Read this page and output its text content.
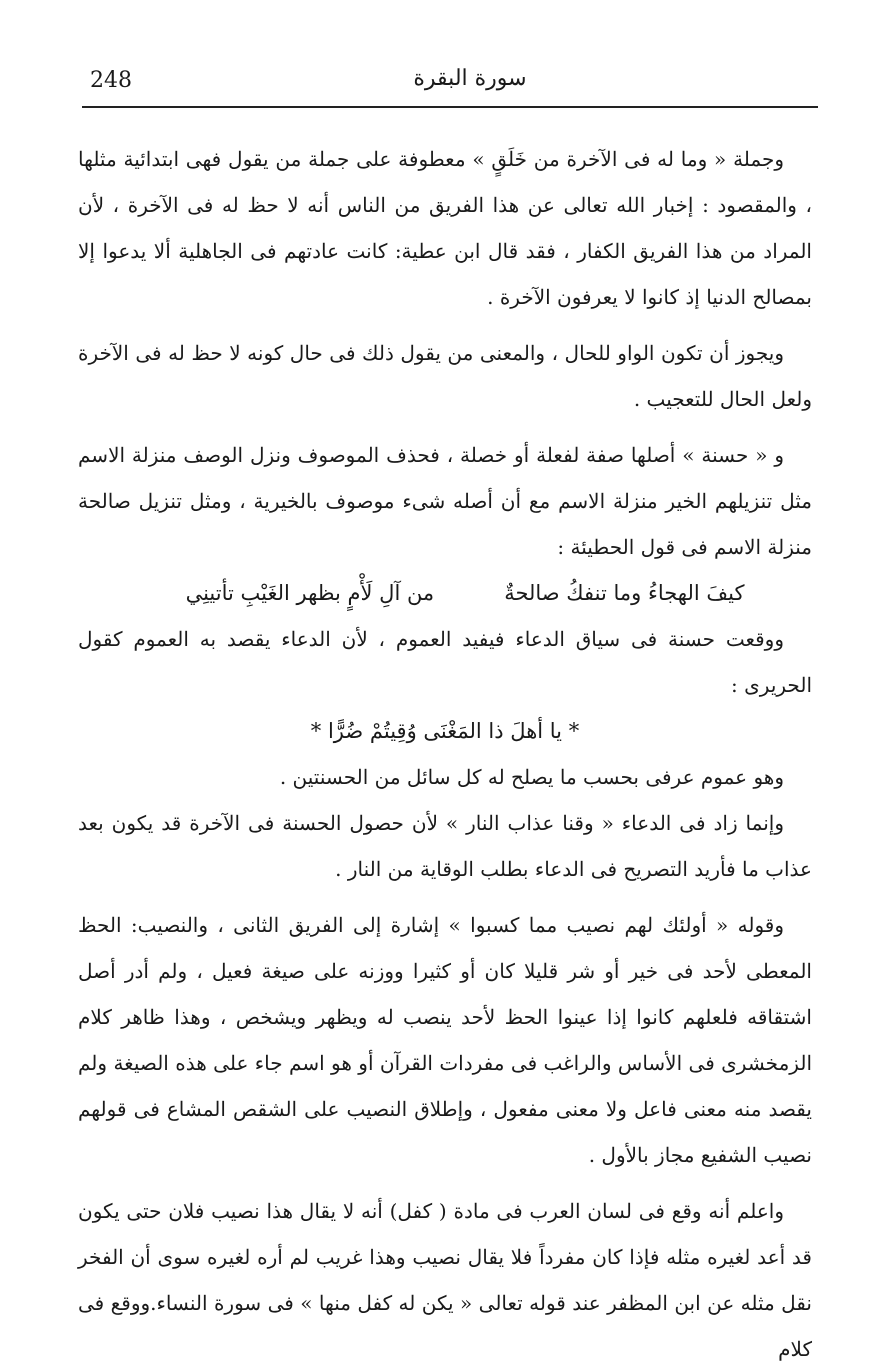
248	سورة البقرة

وجملة « وما له فى الآخرة من خَلَقٍ » معطوفة على جملة من يقول فهى ابتدائية مثلها ، والمقصود : إخبار الله تعالى عن هذا الفريق من الناس أنه لا حظ له فى الآخرة ، لأن المراد من هذا الفريق الكفار ، فقد قال ابن عطية: كانت عادتهم فى الجاهلية ألا يدعوا إلا بمصالح الدنيا إذ كانوا لا يعرفون الآخرة .

ويجوز أن تكون الواو للحال ، والمعنى من يقول ذلك فى حال كونه لا حظ له فى الآخرة ولعل الحال للتعجيب .

و « حسنة » أصلها صفة لفعلة أو خصلة ، فحذف الموصوف ونزل الوصف منزلة الاسم مثل تنزيلهم الخير منزلة الاسم مع أن أصله شىء موصوف بالخيرية ، ومثل تنزيل صالحة منزلة الاسم فى قول الحطيئة :

كيفَ الهجاءُ وما تنفكُ صالحةٌ
من آلِ لَأْمٍ بظهر الغَيْبِ تأتينِي

ووقعت حسنة فى سياق الدعاء فيفيد العموم ، لأن الدعاء يقصد به العموم كقول الحريرى :

* يا أهلَ ذا المَغْنَى وُقِيتُمْ ضُرًّا *

وهو عموم عرفى بحسب ما يصلح له كل سائل من الحسنتين .

وإنما زاد فى الدعاء « وقنا عذاب النار » لأن حصول الحسنة فى الآخرة قد يكون بعد عذاب ما فأريد التصريح فى الدعاء بطلب الوقاية من النار .

وقوله « أولئك لهم نصيب مما كسبوا » إشارة إلى الفريق الثانى ، والنصيب: الحظ المعطى لأحد فى خير أو شر قليلا كان أو كثيرا ووزنه على صيغة فعيل ، ولم أدر أصل اشتقاقه فلعلهم كانوا إذا عينوا الحظ لأحد ينصب له ويظهر ويشخص ، وهذا ظاهر كلام الزمخشرى فى الأساس والراغب فى مفردات القرآن أو هو اسم جاء على هذه الصيغة ولم يقصد منه معنى فاعل ولا معنى مفعول ، وإطلاق النصيب على الشقص المشاع فى قولهم نصيب الشفيع مجاز بالأول .

واعلم أنه وقع فى لسان العرب فى مادة ( كفل) أنه لا يقال هذا نصيب فلان حتى يكون قد أعد لغيره مثله فإذا كان مفرداً فلا يقال نصيب وهذا غريب لم أره لغيره سوى أن الفخر نقل مثله عن ابن المظفر عند قوله تعالى « يكن له كفل منها » فى سورة النساء.ووقع فى كلام
